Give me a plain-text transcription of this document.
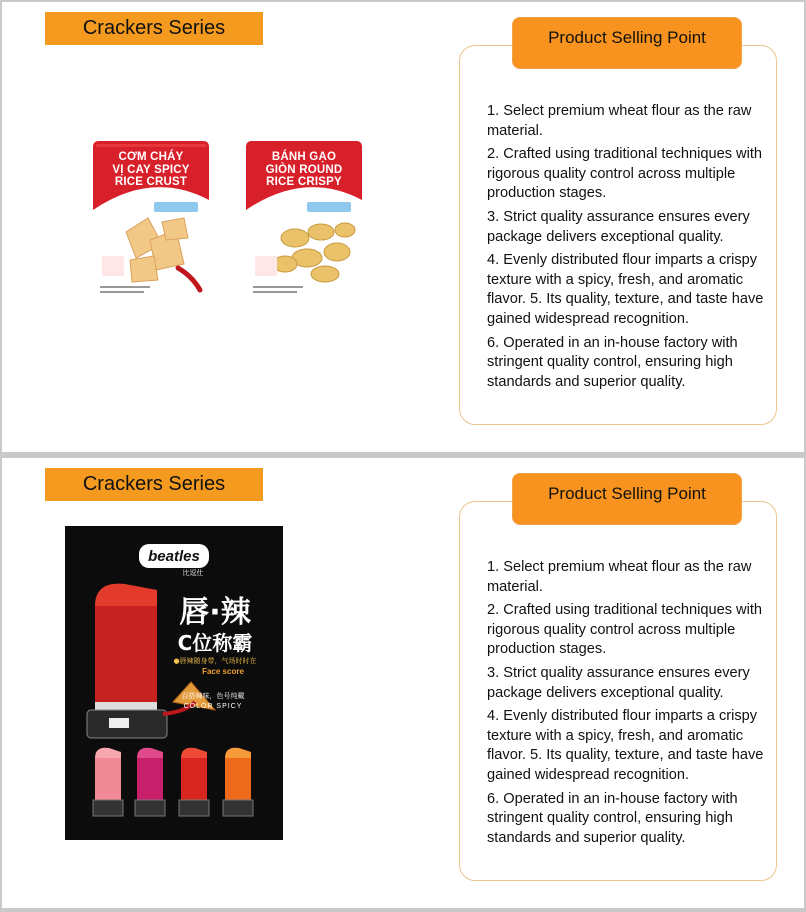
Crackers Series	Product Selling Point
1. Select premium wheat flour as the raw material.
2. Crafted using traditional techniques with rigorous quality control across multiple production stages.
3. Strict quality assurance ensures every package delivers exceptional quality.
4. Evenly distributed flour imparts a crispy texture with a spicy, fresh, and aromatic flavor. 5. Its quality, texture, and taste have gained widespread recognition.
6. Operated in an in-house factory with stringent quality control, ensuring high standards and superior quality.
CƠM CHÁY
VỊ CAY SPICY
RICE CRUST
BÁNH GẠO
GIÒN ROUND
RICE CRISPY
Crackers Series	Product Selling Point
1. Select premium wheat flour as the raw material.
2. Crafted using traditional techniques with rigorous quality control across multiple production stages.
3. Strict quality assurance ensures every package delivers exceptional quality.
4. Evenly distributed flour imparts a crispy texture with a spicy, fresh, and aromatic flavor. 5. Its quality, texture, and taste have gained widespread recognition.
6. Operated in an in-house factory with stringent quality control, ensuring high standards and superior quality.
beatles
比逗仕
唇·辣
C位称霸
●唇辣随身带，气场时时在
Face score
百搭辣味，色号纯戴
COLOR SPICY
